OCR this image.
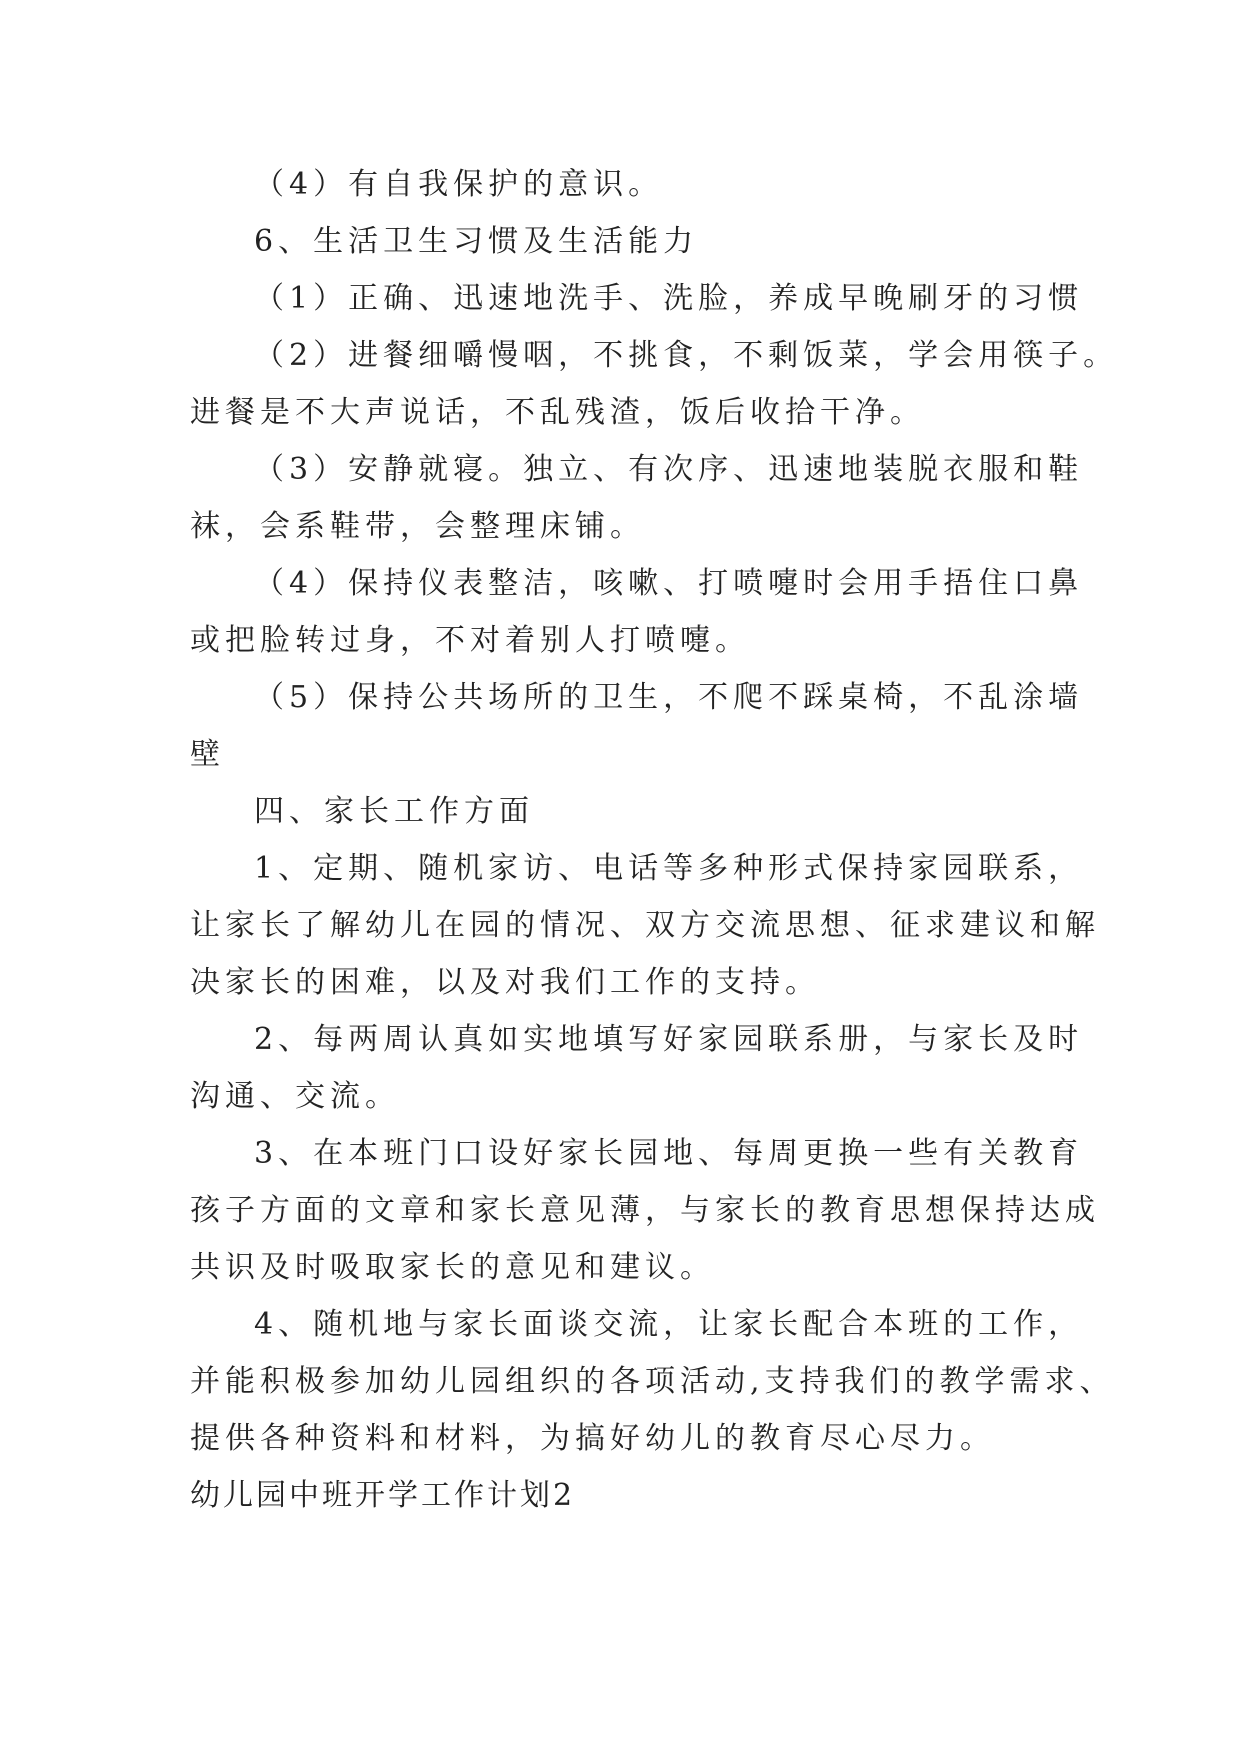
（4）有自我保护的意识。
6、生活卫生习惯及生活能力
（1）正确、迅速地洗手、洗脸，养成早晚刷牙的习惯
（2）进餐细嚼慢咽，不挑食，不剩饭菜，学会用筷子。
进餐是不大声说话，不乱残渣，饭后收拾干净。
（3）安静就寝。独立、有次序、迅速地装脱衣服和鞋
袜，会系鞋带，会整理床铺。
（4）保持仪表整洁，咳嗽、打喷嚏时会用手捂住口鼻
或把脸转过身，不对着别人打喷嚏。
（5）保持公共场所的卫生，不爬不踩桌椅，不乱涂墙
壁
四、家长工作方面
1、定期、随机家访、电话等多种形式保持家园联系，
让家长了解幼儿在园的情况、双方交流思想、征求建议和解
决家长的困难，以及对我们工作的支持。
2、每两周认真如实地填写好家园联系册，与家长及时
沟通、交流。
3、在本班门口设好家长园地、每周更换一些有关教育
孩子方面的文章和家长意见薄，与家长的教育思想保持达成
共识及时吸取家长的意见和建议。
4、随机地与家长面谈交流，让家长配合本班的工作，
并能积极参加幼儿园组织的各项活动,支持我们的教学需求、
提供各种资料和材料，为搞好幼儿的教育尽心尽力。
幼儿园中班开学工作计划2
